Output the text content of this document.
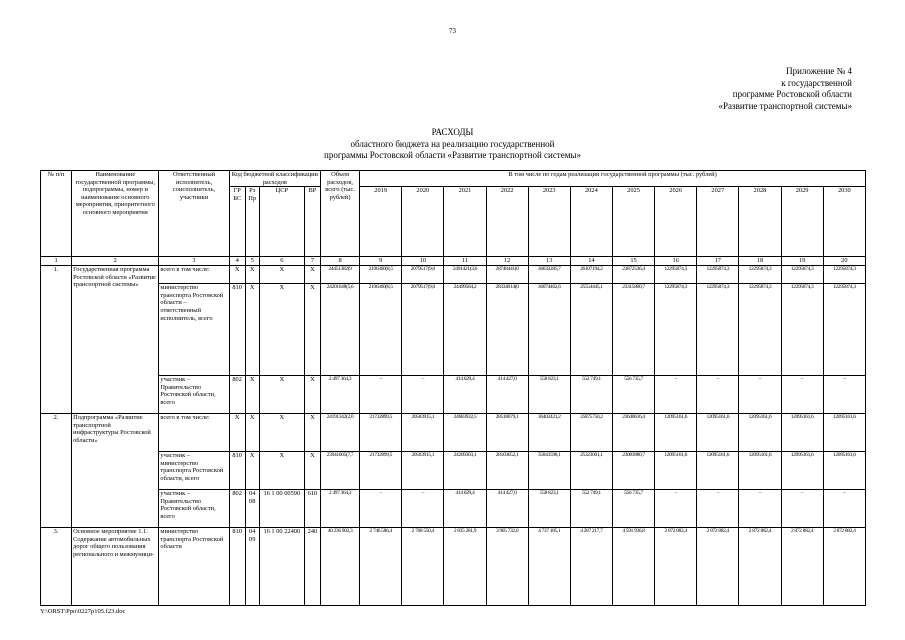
73
Приложение № 4
к государственной
программе Ростовской области
«Развитие транспортной системы»
РАСХОДЫ
областного бюджета на реализацию государственной
программы Ростовской области «Развитие транспортной системы»
№ п/п	Наименование государственной программы, подпрограммы, номер и наименование основного мероприятия, приоритетного основного мероприятия	Ответственный исполнитель, соисполнитель, участники	Код бюджетной классификации расходов				Объем расходов, всего (тыс. рублей)	В том числе по годам реализации государственной программы (тыс. рублей)											
			ГР БС	Рз Пр	ЦСР	ВР		2019	2020	2021	2022	2023	2024	2025	2026	2027	2028	2029	2030

1	2	3	4	5	6	7	8	9	10	11	12	13	14	15	16	17	18	19	20
1.	Государственная программа Ростовской области «Развитие транспортной системы»	всего в том числе:	X	X	X	X	24451382(9	2196360(8,5	2079517(9,0	2491421(3,6	28748441(0	36633285,7	26107194,2	23872536,4	12295874,3	12295874,3	12295874,3	12295874,3	12295874,3
		министерство транспорта Ростовской области – ответственный исполнитель, всего	810	X	X	X	24201648(5,6	2196360(8,5	2079517(9,0	24499584,2	28334014(0	36074462,6	25554445,1	23315800,7	12295874,3	12295874,3	12295874,3	12295874,3	12295874,3
		участник – Правительство Ростовской области, всего	802	X	X	X	2 497 364,3	–	–	414 629,4	414 427,0	558 823,1	552 749,1	556 735,7	–	–	–	–	–
2.	Подпрограмма «Развитие транспортной инфраструктуры Ростовской области»	всего в том числе:	X	X	X	X	24191342(2,0	21732899,5	20583915,1	24683932,5	28518079,1	36402421,2	25875750,2	23640616,4	12095161,6	12095161,6	12095161,6	12095161,6	12095161,6
		участник – министерство транспорта Ростовской области, всего	810	X	X	X	23941605(7,7	21732899,5	20583915,1	24269303,1	28103652,1	35843598,1	25323001,1	23083880,7	12095161,6	12095161,6	12095161,6	12095161,6	12095161,6
		участник – Правительство Ростовской области, всего	802	04 08	16 1 00 00590	610	2 497 364,3	–	–	414 629,4	414 427,0	558 823,1	552 749,1	556 735,7	–	–	–	–	–
3.	Основное мероприятие 1.1. Содержание автомобильных дорог общего пользования регионального и межмуници-	министерство транспорта Ростовской области	810	04 09	16 1 00 22400	240	40 236 902,3	2 746 586,4	2 768 550,4	2 835 281,9	3 905 732,0	4 737 185,1	4 287 217,7	4 591 936,8	2 872 882,4	2 872 882,4	2 872 882,4	2 872 882,4	2 872 882,4
Y:\ORST\Ppo\0227p105.f23.doc
